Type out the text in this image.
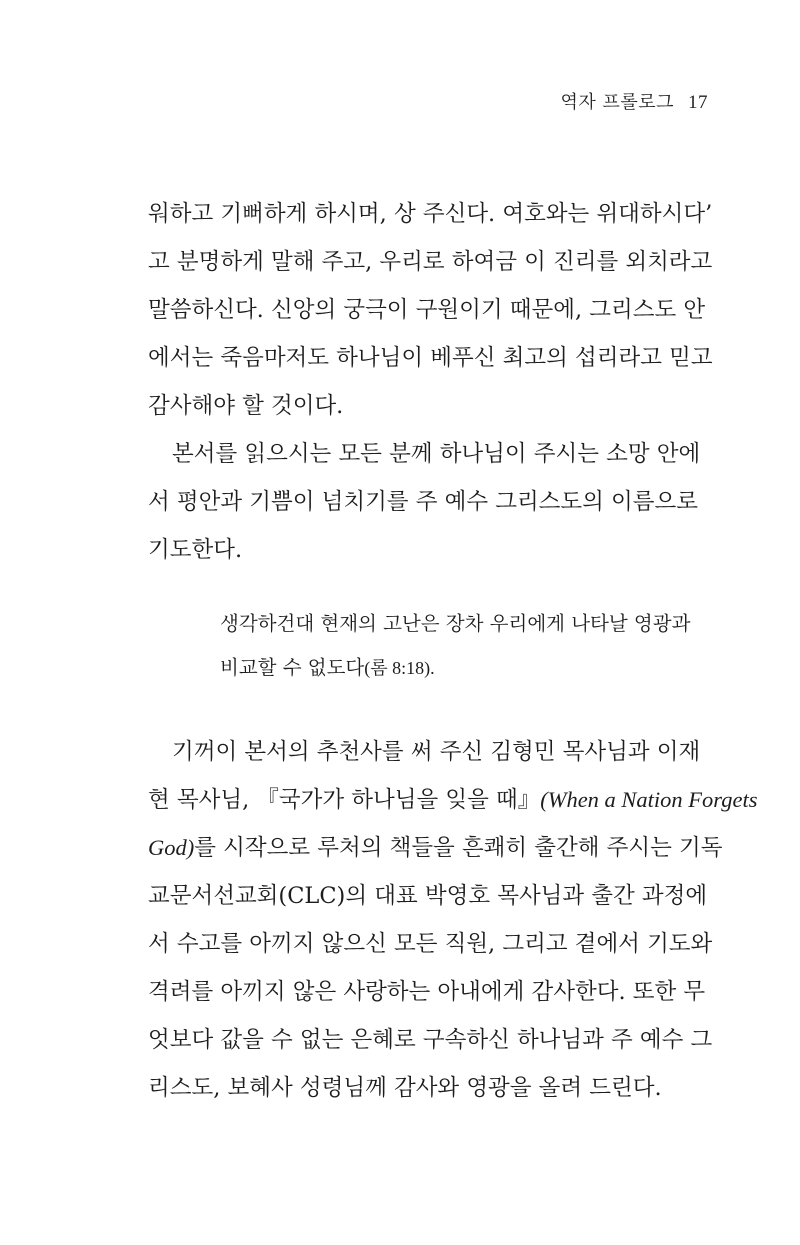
역자 프롤로그 17
워하고 기뻐하게 하시며, 상 주신다. 여호와는 위대하시다’
고 분명하게 말해 주고, 우리로 하여금 이 진리를 외치라고
말씀하신다. 신앙의 궁극이 구원이기 때문에, 그리스도 안
에서는 죽음마저도 하나님이 베푸신 최고의 섭리라고 믿고
감사해야 할 것이다.
본서를 읽으시는 모든 분께 하나님이 주시는 소망 안에
서 평안과 기쁨이 넘치기를 주 예수 그리스도의 이름으로
기도한다.
생각하건대 현재의 고난은 장차 우리에게 나타날 영광과
비교할 수 없도다(롬 8:18).
기꺼이 본서의 추천사를 써 주신 김형민 목사님과 이재
현 목사님, 『국가가 하나님을 잊을 때』(When a Nation Forgets
God)를 시작으로 루처의 책들을 흔쾌히 출간해 주시는 기독
교문서선교회(CLC)의 대표 박영호 목사님과 출간 과정에
서 수고를 아끼지 않으신 모든 직원, 그리고 곁에서 기도와
격려를 아끼지 않은 사랑하는 아내에게 감사한다. 또한 무
엇보다 값을 수 없는 은혜로 구속하신 하나님과 주 예수 그
리스도, 보혜사 성령님께 감사와 영광을 올려 드린다.
